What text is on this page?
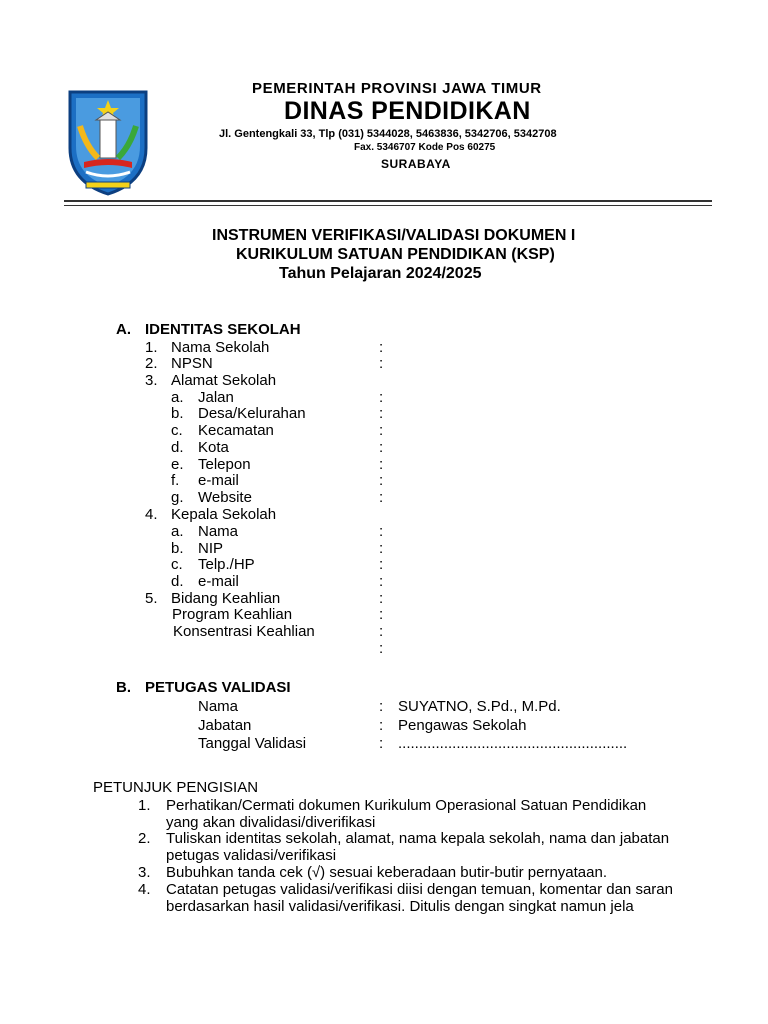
PEMERINTAH PROVINSI JAWA TIMUR
DINAS PENDIDIKAN
Jl. Gentengkali 33, Tlp (031) 5344028, 5463836, 5342706, 5342708
Fax. 5346707 Kode Pos 60275
SURABAYA
INSTRUMEN VERIFIKASI/VALIDASI DOKUMEN I
KURIKULUM SATUAN PENDIDIKAN (KSP)
Tahun Pelajaran 2024/2025
A. IDENTITAS SEKOLAH
1. Nama Sekolah	:
2. NPSN	:
3. Alamat Sekolah
a. Jalan	:
b. Desa/Kelurahan	:
c. Kecamatan	:
d. Kota	:
e. Telepon	:
f. e-mail	:
g. Website	:
4. Kepala Sekolah
a. Nama	:
b. NIP	:
c. Telp./HP	:
d. e-mail	:
5. Bidang Keahlian	:
Program Keahlian	:
Konsentrasi Keahlian	:
:
B. PETUGAS VALIDASI
Nama	: SUYATNO, S.Pd., M.Pd.
Jabatan	: Pengawas Sekolah
Tanggal Validasi	: .......................................................
PETUNJUK PENGISIAN
1. Perhatikan/Cermati dokumen Kurikulum Operasional Satuan Pendidikan
yang akan divalidasi/diverifikasi
2. Tuliskan identitas sekolah, alamat, nama kepala sekolah, nama dan jabatan
petugas validasi/verifikasi
3. Bubuhkan tanda cek (√) sesuai keberadaan butir-butir pernyataan.
4. Catatan petugas validasi/verifikasi diisi dengan temuan, komentar dan saran
berdasarkan hasil validasi/verifikasi. Ditulis dengan singkat namun jela
